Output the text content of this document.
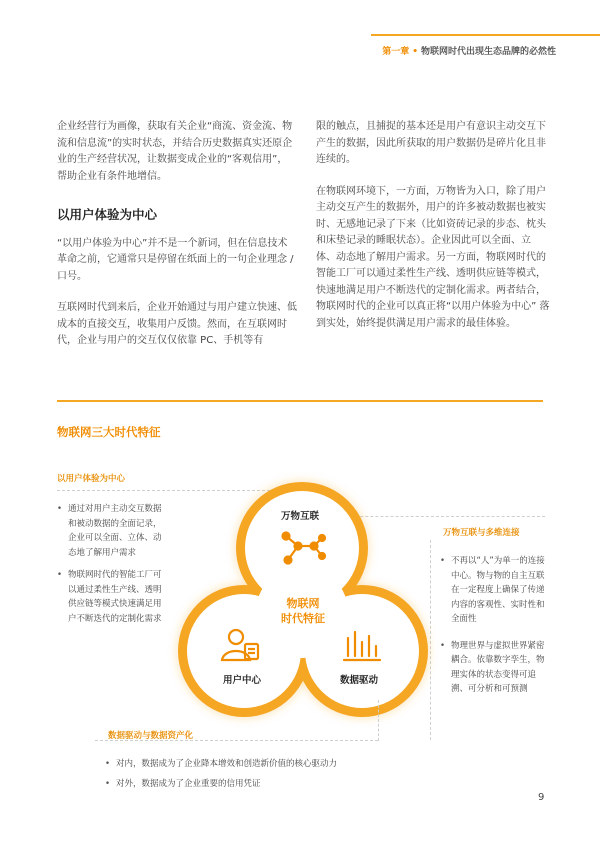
第一章 • 物联网时代出现生态品牌的必然性

企业经营行为画像，获取有关企业“商流、资金流、物流和信息流”的实时状态，并结合历史数据真实还原企业的生产经营状况，让数据变成企业的“客观信用”，帮助企业有条件地增信。

以用户体验为中心

“以用户体验为中心”并不是一个新词，但在信息技术革命之前，它通常只是停留在纸面上的一句企业理念 / 口号。

互联网时代到来后，企业开始通过与用户建立快速、低成本的直接交互，收集用户反馈。然而，在互联网时代，企业与用户的交互仅仅依靠 PC、手机等有

限的触点，且捕捉的基本还是用户有意识主动交互下产生的数据，因此所获取的用户数据仍是碎片化且非连续的。

在物联网环境下，一方面，万物皆为入口，除了用户主动交互产生的数据外，用户的许多被动数据也被实时、无感地记录了下来（比如资砖记录的步态、枕头和床垫记录的睡眠状态）。企业因此可以全面、立体、动态地了解用户需求。另一方面，物联网时代的智能工厂可以通过柔性生产线、透明供应链等模式，快速地满足用户不断迭代的定制化需求。两者结合，物联网时代的企业可以真正将“以用户体验为中心” 落到实处，始终提供满足用户需求的最佳体验。

物联网三大时代特征
以用户体验为中心
• 通过对用户主动交互数据和被动数据的全面记录，企业可以全面、立体、动态地了解用户需求
• 物联网时代的智能工厂可以通过柔性生产线、透明供应链等模式快速满足用户不断迭代的定制化需求
万物互联与多维连接
• 不再以“人”为单一的连接中心。物与物的自主互联在一定程度上确保了传递内容的客观性、实时性和全面性
• 物理世界与虚拟世界紧密耦合。依靠数字孪生，物理实体的状态变得可追溯、可分析和可预测
万物互联
用户中心	数据驱动
物联网
时代特征
数据驱动与数据资产化
• 对内，数据成为了企业降本增效和创造新价值的核心驱动力
• 对外，数据成为了企业重要的信用凭证
9
